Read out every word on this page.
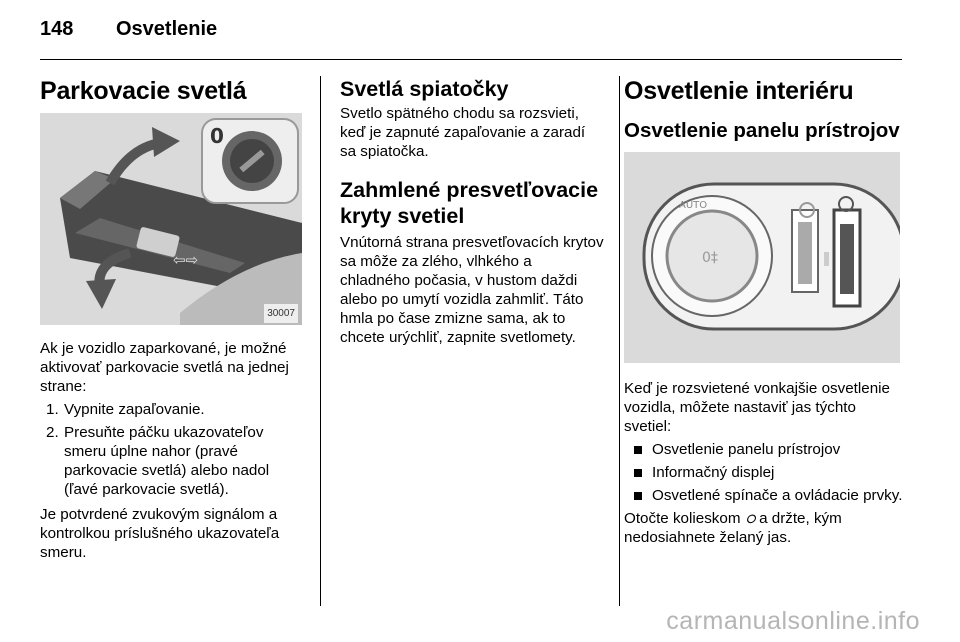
148 Osvetlenie
Parkovacie svetlá
⇦⇨
0
30007

Ak je vozidlo zaparkované, je možné aktivovať parkovacie svetlá na jednej strane:

1. Vypnite zapaľovanie.
2. Presuňte páčku ukazovateľov smeru úplne nahor (pravé parkovacie svetlá) alebo nadol (ľavé parkovacie svetlá).

Je potvrdené zvukovým signálom a kontrolkou príslušného ukazovateľa smeru.

Svetlá spiatočky

Svetlo spätného chodu sa rozsvieti, keď je zapnuté zapaľovanie a zaradí sa spiatočka.

Zahmlené presvetľovacie kryty svetiel

Vnútorná strana presvetľovacích krytov sa môže za zlého, vlhkého a chladného počasia, v hustom daždi alebo po umytí vozidla zahmliť. Táto hmla po čase zmizne sama, ak to chcete urýchliť, zapnite svetlomety.

Osvetlenie interiéru
Osvetlenie panelu prístrojov
0‡
AUTO

Keď je rozsvietené vonkajšie osvetlenie vozidla, môžete nastaviť jas týchto svetiel:

Osvetlenie panelu prístrojov
Informačný displej
Osvetlené spínače a ovládacie prvky.

Otočte kolieskom ഠ a držte, kým nedosiahnete želaný jas.

carmanualsonline.info
